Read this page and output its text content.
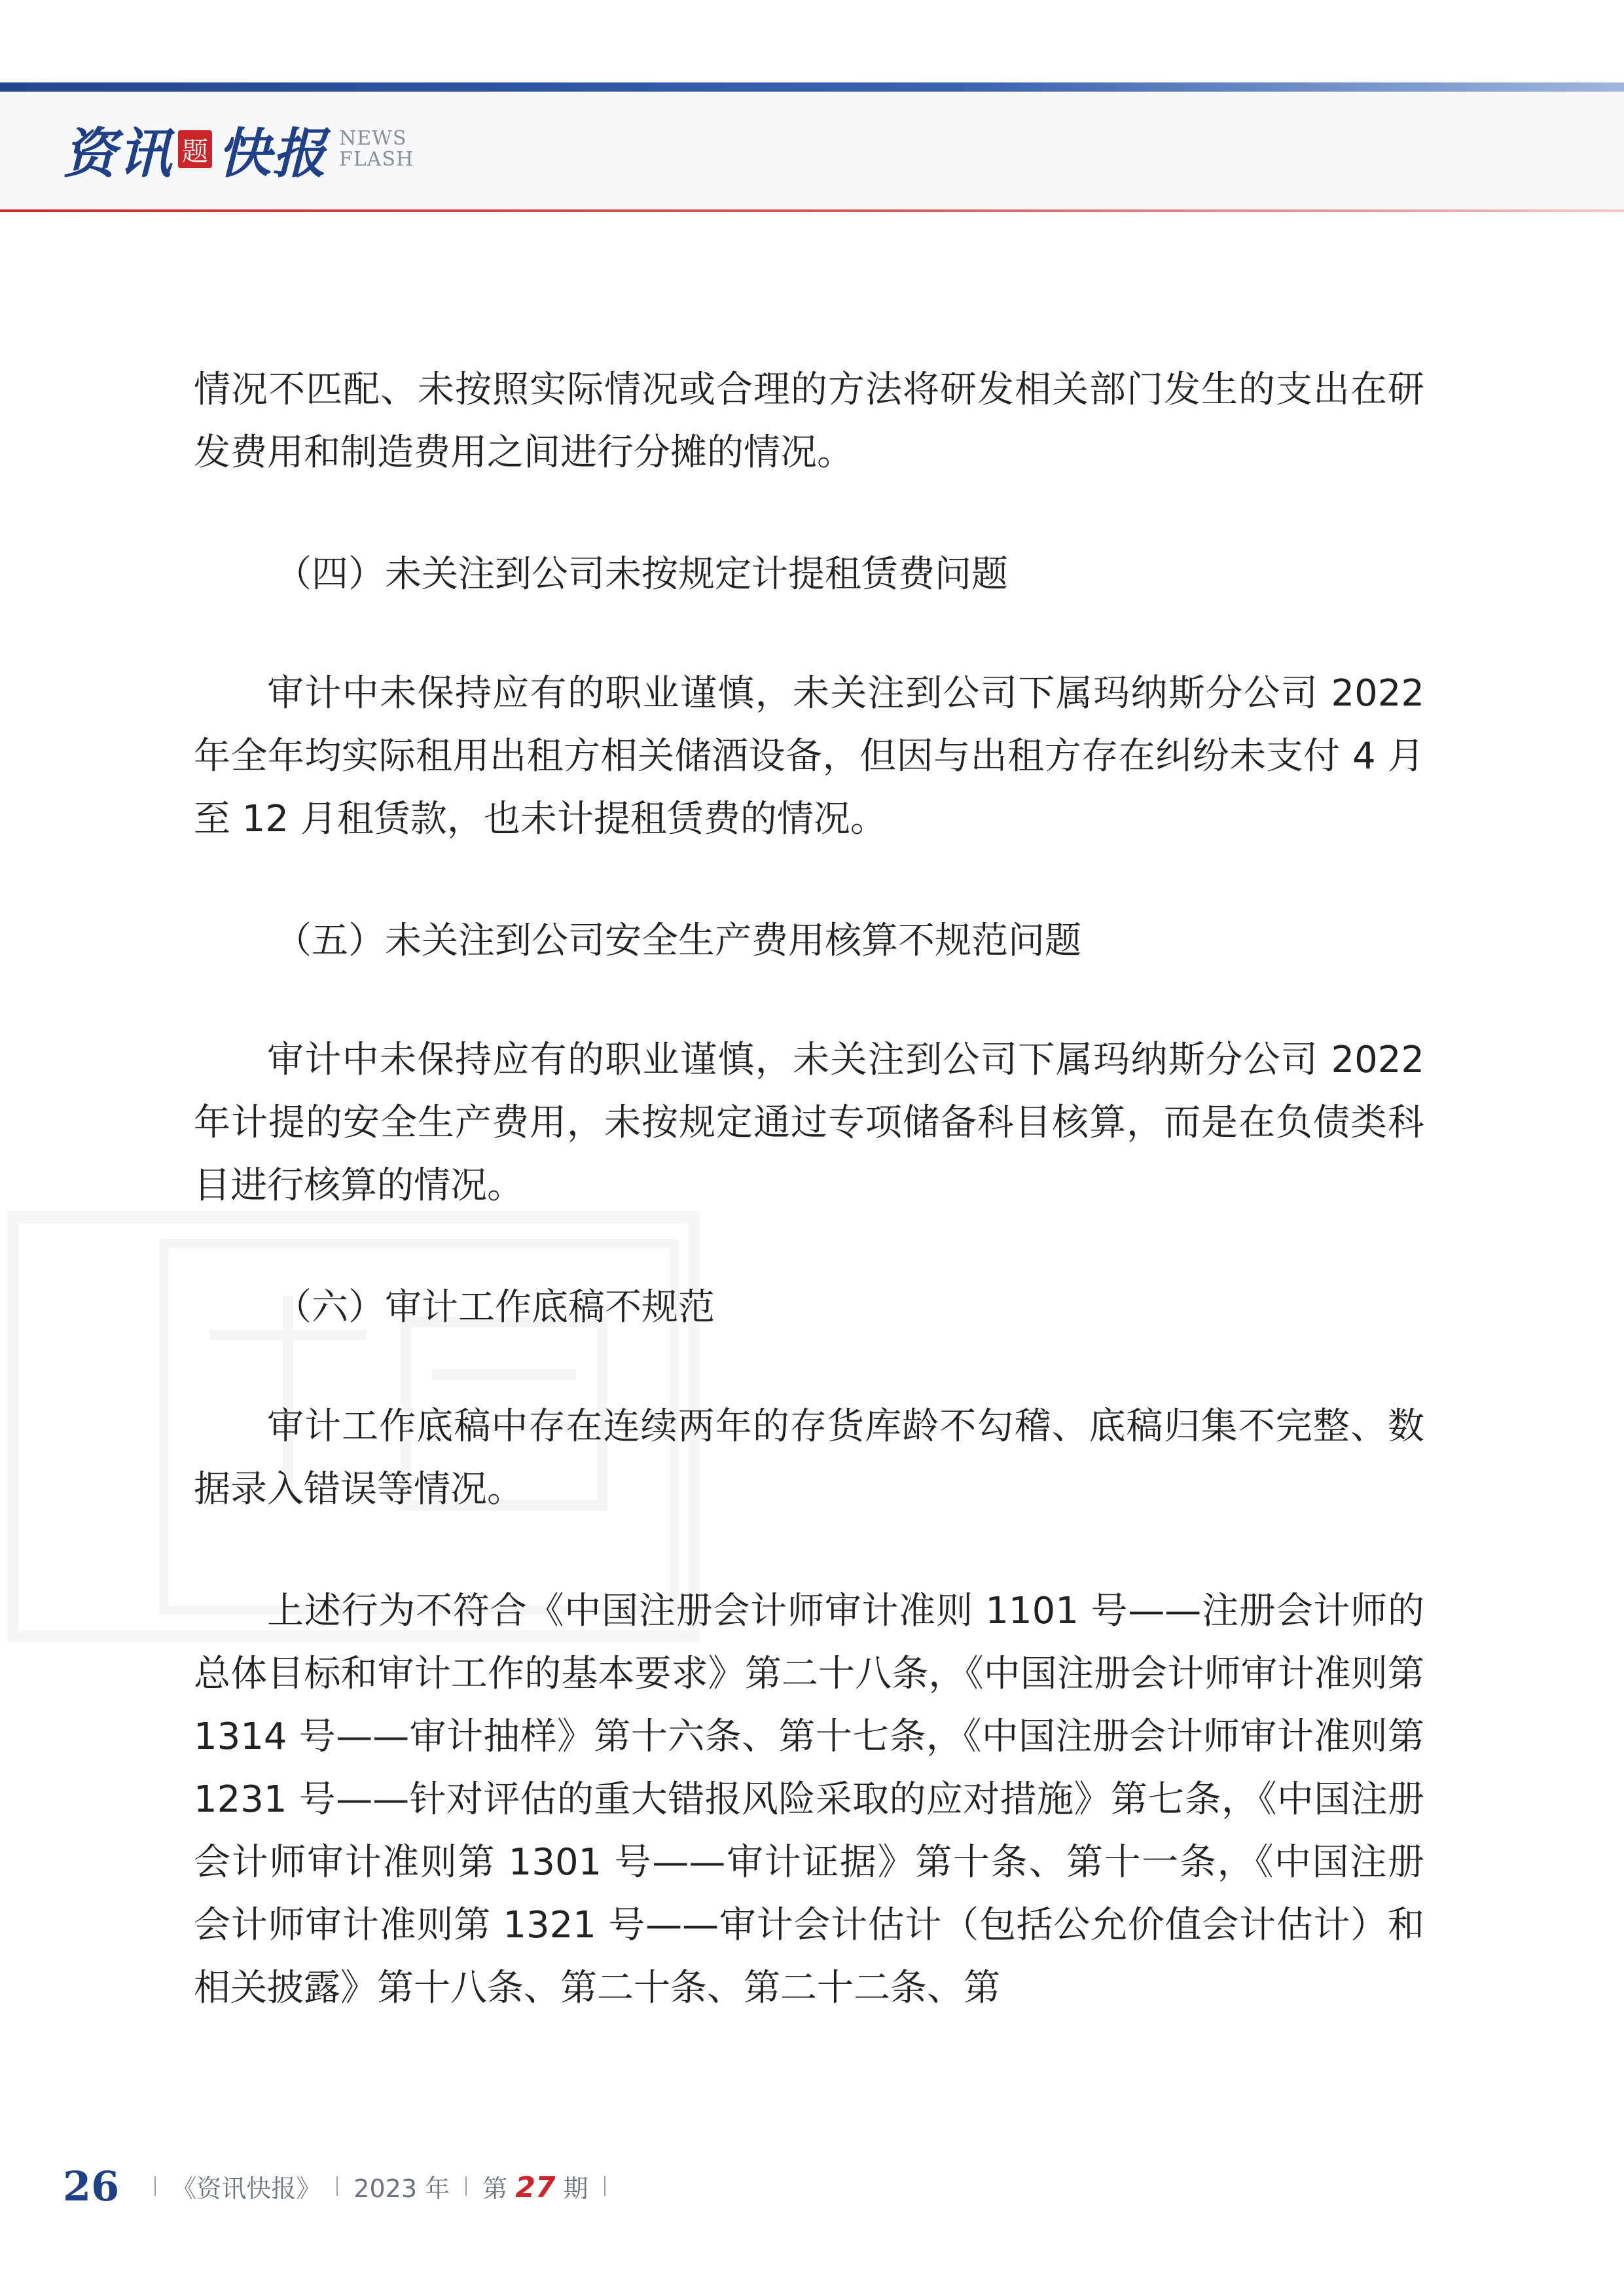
资讯 题 快报 NEWS
FLASH

情况不匹配、未按照实际情况或合理的方法将研发相关部门发生的支出在研发费用和制造费用之间进行分摊的情况。

（四）未关注到公司未按规定计提租赁费问题

审计中未保持应有的职业谨慎，未关注到公司下属玛纳斯分公司 2022 年全年均实际租用出租方相关储酒设备，但因与出租方存在纠纷未支付 4 月至 12 月租赁款，也未计提租赁费的情况。

（五）未关注到公司安全生产费用核算不规范问题

审计中未保持应有的职业谨慎，未关注到公司下属玛纳斯分公司 2022 年计提的安全生产费用，未按规定通过专项储备科目核算，而是在负债类科目进行核算的情况。

（六）审计工作底稿不规范

审计工作底稿中存在连续两年的存货库龄不勾稽、底稿归集不完整、数据录入错误等情况。

上述行为不符合《中国注册会计师审计准则 1101 号——注册会计师的总体目标和审计工作的基本要求》第二十八条，《中国注册会计师审计准则第 1314 号——审计抽样》第十六条、第十七条，《中国注册会计师审计准则第 1231 号——针对评估的重大错报风险采取的应对措施》第七条，《中国注册会计师审计准则第 1301 号——审计证据》第十条、第十一条，《中国注册会计师审计准则第 1321 号——审计会计估计（包括公允价值会计估计）和相关披露》第十八条、第二十条、第二十二条、第

26 《资讯快报》 2023 年 第 27 期
